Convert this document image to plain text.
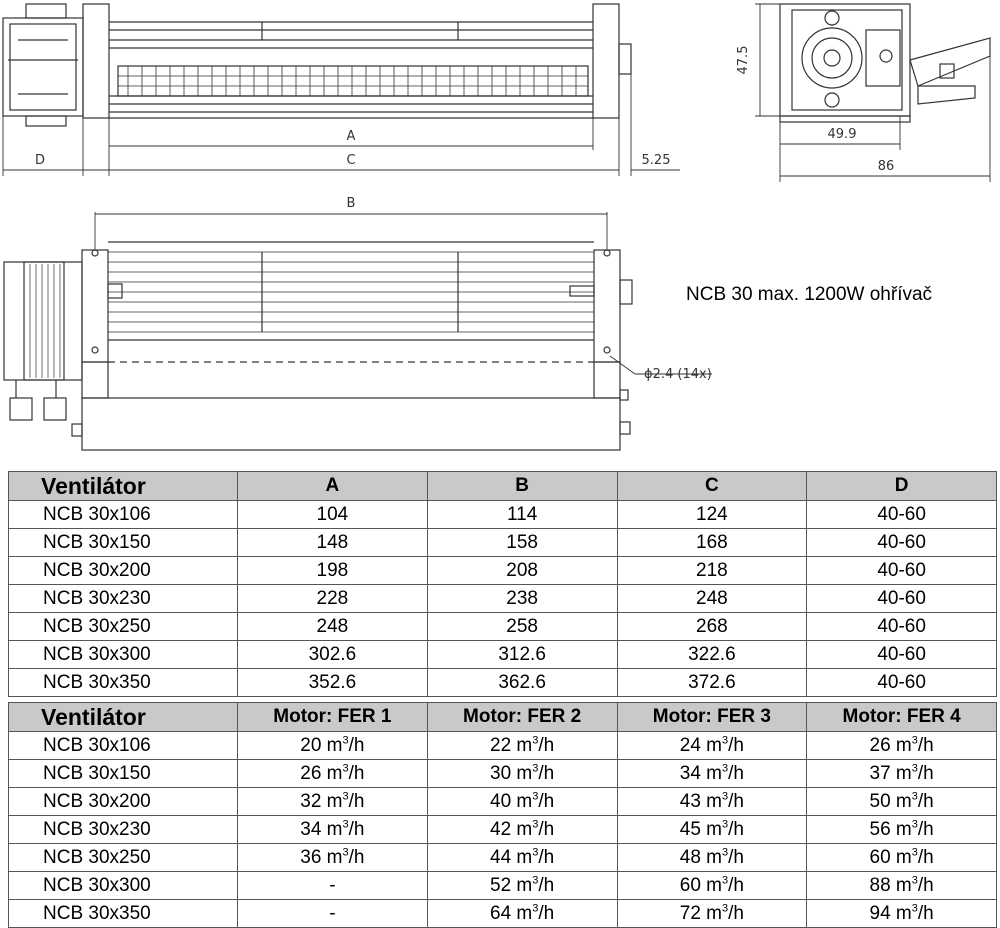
A
C
D	5.25
47.5
49.9
86
B
ϕ2.4 (14x)
NCB 30 max. 1200W ohřívač
Ventilátor	A	B	C	D
NCB 30x106	104	114	124	40-60
NCB 30x150	148	158	168	40-60
NCB 30x200	198	208	218	40-60
NCB 30x230	228	238	248	40-60
NCB 30x250	248	258	268	40-60
NCB 30x300	302.6	312.6	322.6	40-60
NCB 30x350	352.6	362.6	372.6	40-60
Ventilátor	Motor: FER 1	Motor: FER 2	Motor: FER 3	Motor: FER 4
NCB 30x106	20 $m^3/h$	22 $m^3/h$	24 $m^3/h$	26 $m^3/h$
NCB 30x150	26 $m^3/h$	30 $m^3/h$	34 $m^3/h$	37 $m^3/h$
NCB 30x200	32 $m^3/h$	40 $m^3/h$	43 $m^3/h$	50 $m^3/h$
NCB 30x230	34 $m^3/h$	42 $m^3/h$	45 $m^3/h$	56 $m^3/h$
NCB 30x250	36 $m^3/h$	44 $m^3/h$	48 $m^3/h$	60 $m^3/h$
NCB 30x300	-	52 $m^3/h$	60 $m^3/h$	88 $m^3/h$
NCB 30x350	-	64 $m^3/h$	72 $m^3/h$	94 $m^3/h$
